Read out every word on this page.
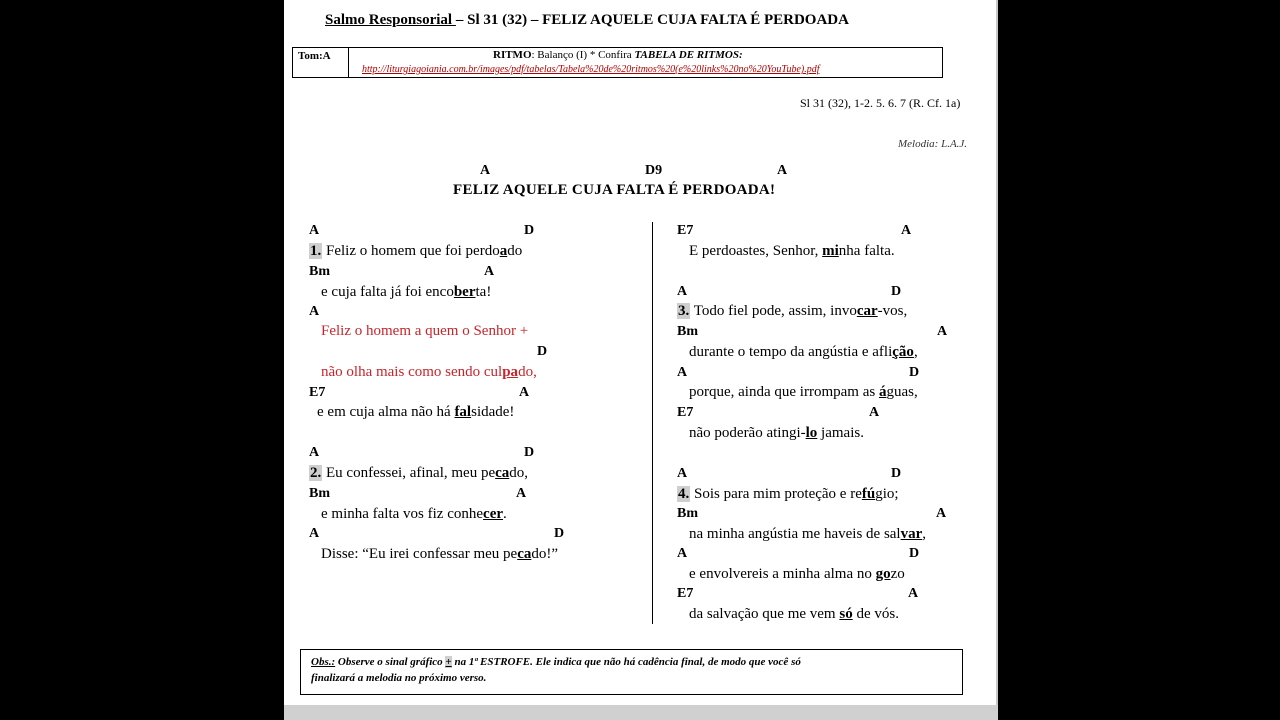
Salmo Responsorial – Sl 31 (32) – FELIZ AQUELE CUJA FALTA É PERDOADA
Tom:A	RITMO: Balanço (I) * Confira TABELA DE RITMOS:
http://liturgiagoiania.com.br/images/pdf/tabelas/Tabela%20de%20ritmos%20(e%20links%20no%20YouTube).pdf
Sl 31 (32), 1-2. 5. 6. 7 (R. Cf. 1a)
Melodia: L.A.J.
A	D9	A
FELIZ AQUELE CUJA FALTA É PERDOADA!
A	D
1. Feliz o homem que foi perdoado
Bm	A
e cuja falta já foi encoberta!
A
Feliz o homem a quem o Senhor +
D
não olha mais como sendo culpado,
E7	A
e em cuja alma não há falsidade!
A	D
2. Eu confessei, afinal, meu pecado,
Bm	A
e minha falta vos fiz conhecer.
A	D
Disse: “Eu irei confessar meu pecado!”
E7	A
E perdoastes, Senhor, minha falta.
A	D
3. Todo fiel pode, assim, invocar-vos,
Bm	A
durante o tempo da angústia e aflição,
A	D
porque, ainda que irrompam as águas,
E7	A
não poderão atingi-lo jamais.
A	D
4. Sois para mim proteção e refúgio;
Bm	A
na minha angústia me haveis de salvar,
A	D
e envolvereis a minha alma no gozo
E7	A
da salvação que me vem só de vós.
Obs.: Observe o sinal gráfico + na 1ª ESTROFE. Ele indica que não há cadência final, de modo que você só
finalizará a melodia no próximo verso.
